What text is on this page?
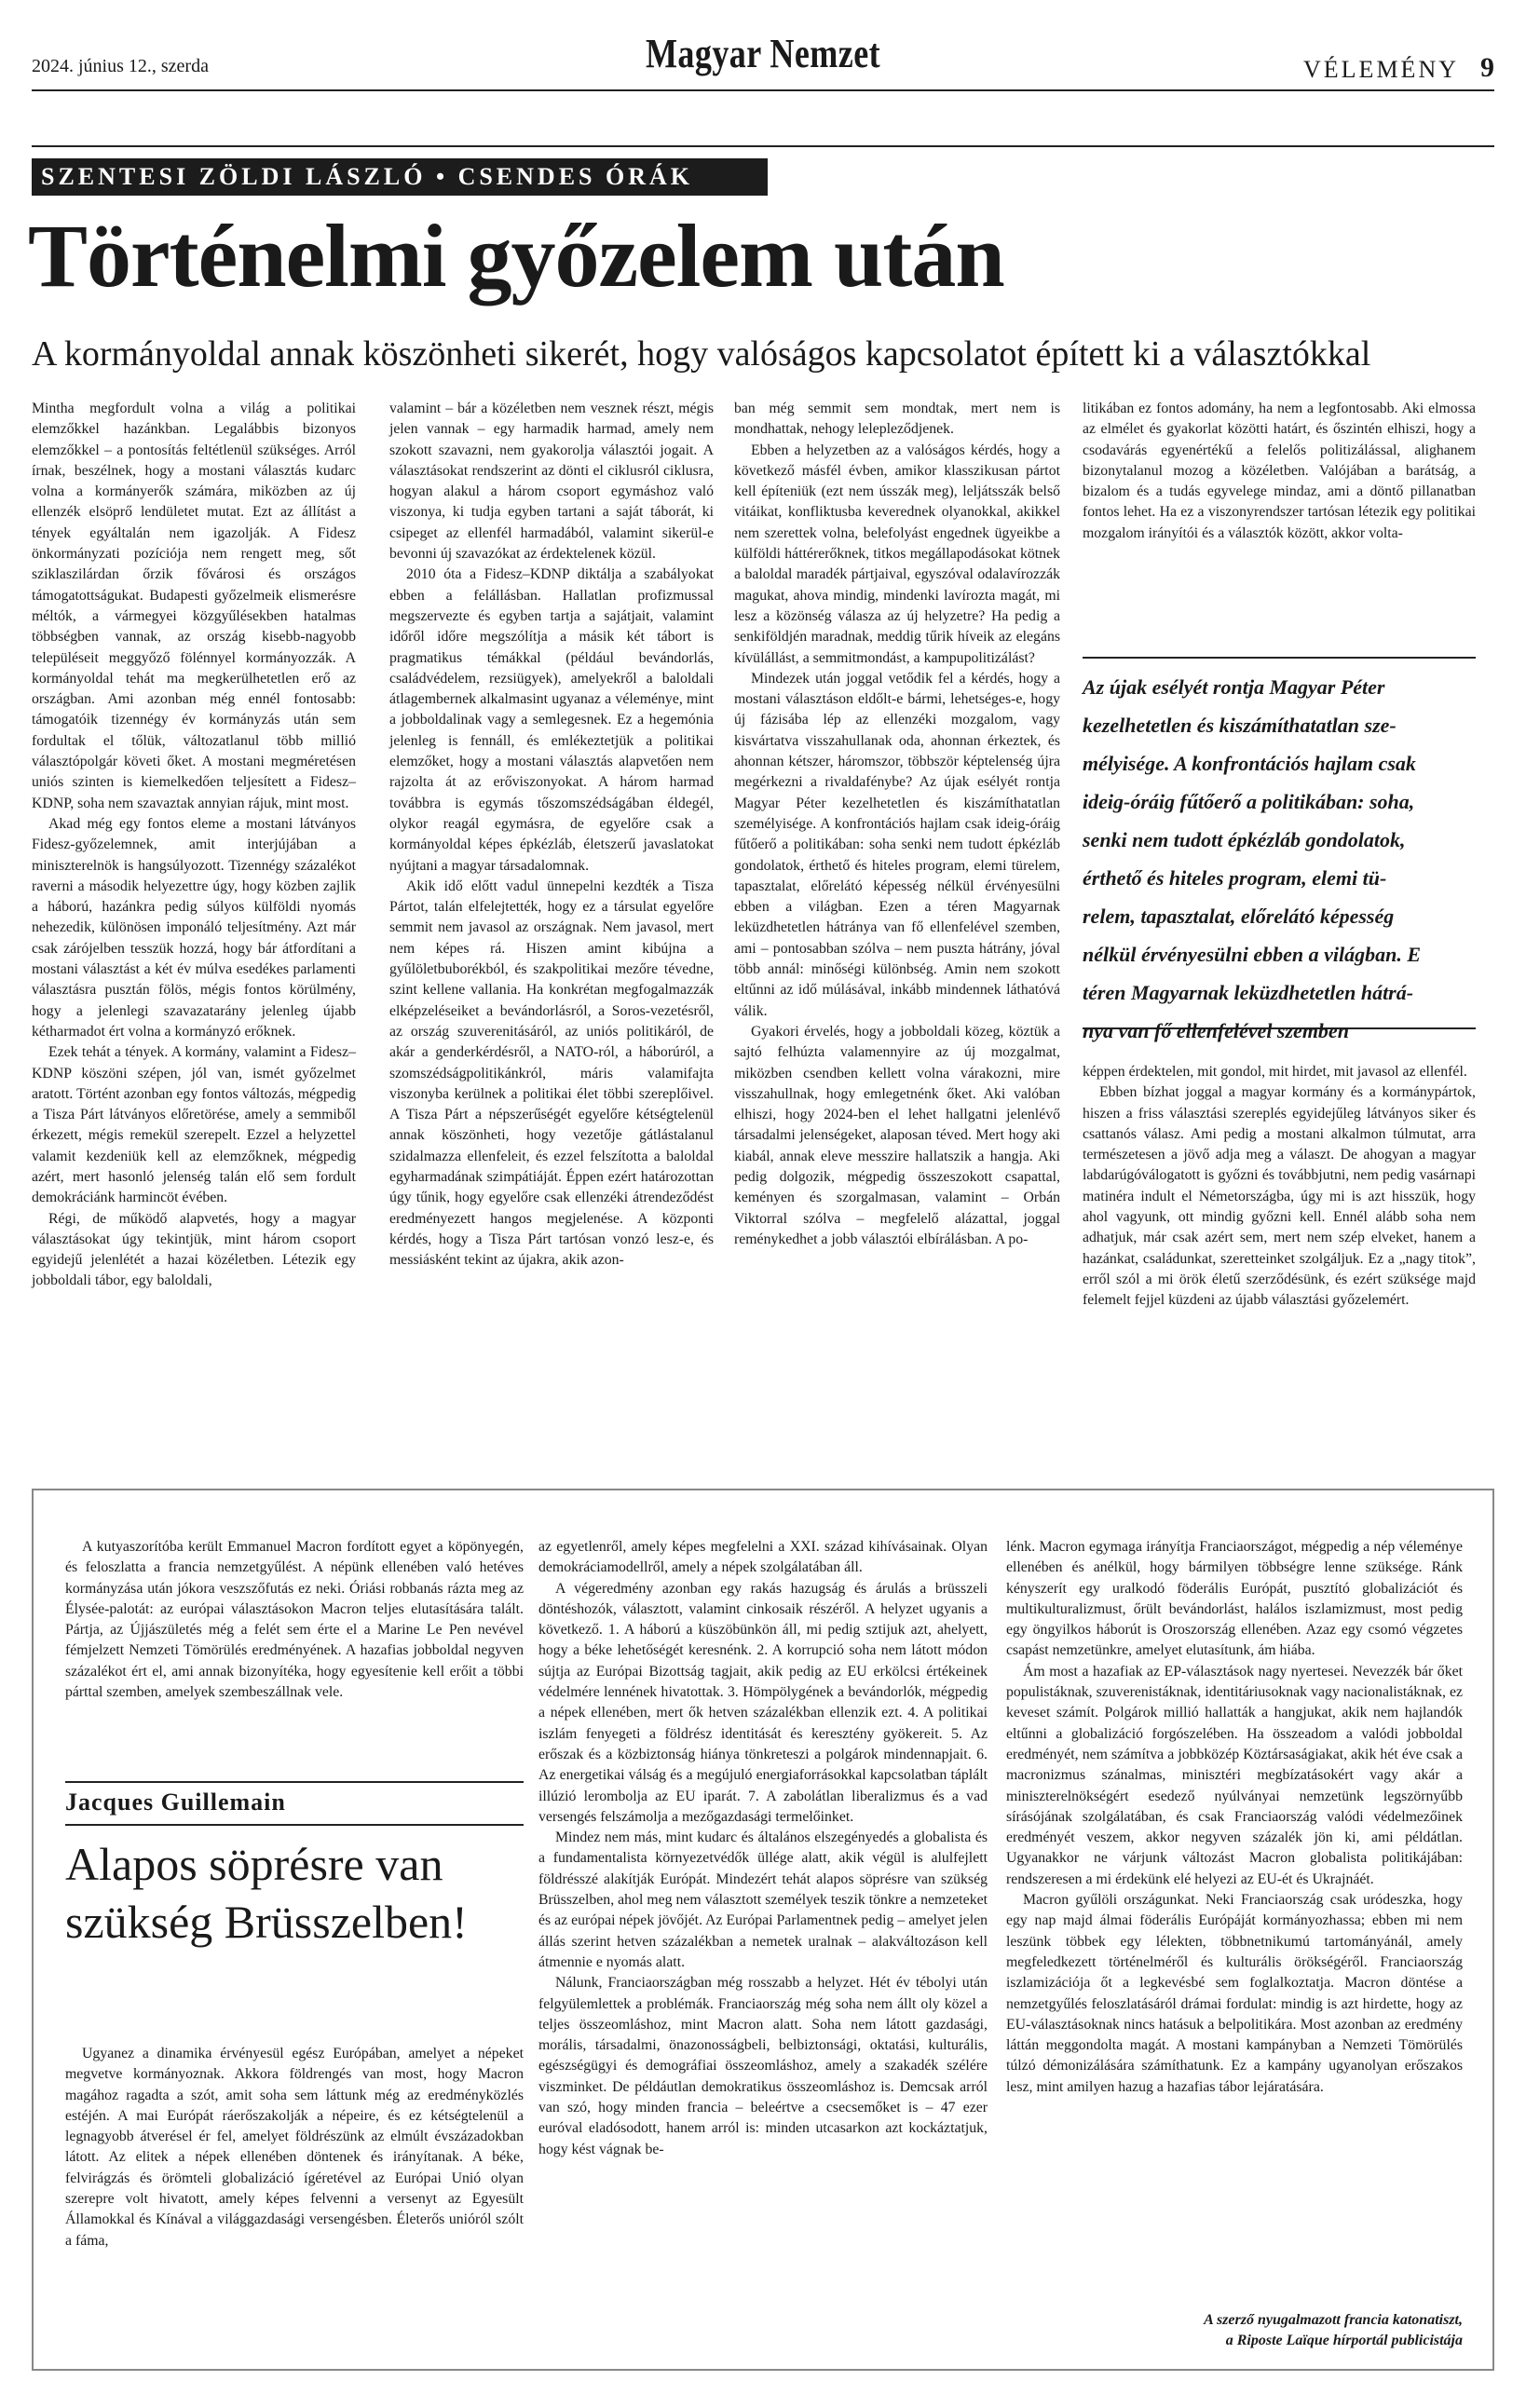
2024. június 12., szerda	Magyar Nemzet	VÉLEMÉNY 9
SZENTESI ZÖLDI LÁSZLÓ • CSENDES ÓRÁK
Történelmi győzelem után
A kormányoldal annak köszönheti sikerét, hogy valóságos kapcsolatot épített ki a választókkal

Mintha megfordult volna a világ a politikai elemzőkkel hazánkban. Legalábbis bizonyos elemzőkkel – a pontosítás feltétlenül szükséges. Arról írnak, beszélnek, hogy a mostani választás kudarc volna a kormányerők számára, miközben az új ellenzék elsöprő lendületet mutat. Ezt az állítást a tények egyáltalán nem igazolják. A Fidesz önkormányzati pozíciója nem rengett meg, sőt sziklaszilárdan őrzik fővárosi és országos támogatottságukat. Budapesti győzelmeik elismerésre méltók, a vármegyei közgyűlésekben hatalmas többségben vannak, az ország kisebb-nagyobb településeit meggyőző fölénnyel kormányozzák. A kormányoldal tehát ma megkerülhetetlen erő az országban. Ami azonban még ennél fontosabb: támogatóik tizennégy év kormányzás után sem fordultak el tőlük, változatlanul több millió választópolgár követi őket. A mostani megméretésen uniós szinten is kiemelkedően teljesített a Fidesz–KDNP, soha nem szavaztak annyian rájuk, mint most.

Akad még egy fontos eleme a mostani látványos Fidesz-győzelemnek, amit interjújában a miniszterelnök is hangsúlyozott. Tizennégy százalékot raverni a második helyezettre úgy, hogy közben zajlik a háború, hazánkra pedig súlyos külföldi nyomás nehezedik, különösen imponáló teljesítmény. Azt már csak zárójelben tesszük hozzá, hogy bár átfordítani a mostani választást a két év múlva esedékes parlamenti választásra pusztán fölös, mégis fontos körülmény, hogy a jelenlegi szavazatarány jelenleg újabb kétharmadot ért volna a kormányzó erőknek.

Ezek tehát a tények. A kormány, valamint a Fidesz–KDNP köszöni szépen, jól van, ismét győzelmet aratott. Történt azonban egy fontos változás, mégpedig a Tisza Párt látványos előretörése, amely a semmiből érkezett, mégis remekül szerepelt. Ezzel a helyzettel valamit kezdeniük kell az elemzőknek, mégpedig azért, mert hasonló jelenség talán elő sem fordult demokráciánk harmincöt évében.

Régi, de működő alapvetés, hogy a magyar választásokat úgy tekintjük, mint három csoport egyidejű jelenlétét a hazai közéletben. Létezik egy jobboldali tábor, egy baloldali,

valamint – bár a közéletben nem vesznek részt, mégis jelen vannak – egy harmadik harmad, amely nem szokott szavazni, nem gyakorolja választói jogait. A választásokat rendszerint az dönti el ciklusról ciklusra, hogyan alakul a három csoport egymáshoz való viszonya, ki tudja egyben tartani a saját táborát, ki csipeget az ellenfél harmadából, valamint sikerül-e bevonni új szavazókat az érdektelenek közül.

2010 óta a Fidesz–KDNP diktálja a szabályokat ebben a felállásban. Hallatlan profizmussal megszervezte és egyben tartja a sajátjait, valamint időről időre megszólítja a másik két tábort is pragmatikus témákkal (például bevándorlás, családvédelem, rezsiügyek), amelyekről a baloldali átlagembernek alkalmasint ugyanaz a véleménye, mint a jobboldalinak vagy a semlegesnek. Ez a hegemónia jelenleg is fennáll, és emlékeztetjük a politikai elemzőket, hogy a mostani választás alapvetően nem rajzolta át az erőviszonyokat. A három harmad továbbra is egymás tőszomszédságában éldegél, olykor reagál egymásra, de egyelőre csak a kormányoldal képes épkézláb, életszerű javaslatokat nyújtani a magyar társadalomnak.

Akik idő előtt vadul ünnepelni kezdték a Tisza Pártot, talán elfelejtették, hogy ez a társulat egyelőre semmit nem javasol az országnak. Nem javasol, mert nem képes rá. Hiszen amint kibújna a gyűlöletbuborékból, és szakpolitikai mezőre tévedne, szint kellene vallania. Ha konkrétan megfogalmazzák elképzeléseiket a bevándorlásról, a Soros-vezetésről, az ország szuverenitásáról, az uniós politikáról, de akár a genderkérdésről, a NATO-ról, a háborúról, a szomszédságpolitikánkról, máris valamifajta viszonyba kerülnek a politikai élet többi szereplőivel. A Tisza Párt a népszerűségét egyelőre kétségtelenül annak köszönheti, hogy vezetője gátlástalanul szidalmazza ellenfeleit, és ezzel felszította a baloldal egyharmadának szimpátiáját. Éppen ezért határozottan úgy tűnik, hogy egyelőre csak ellenzéki átrendeződést eredményezett hangos megjelenése. A központi kérdés, hogy a Tisza Párt tartósan vonzó lesz-e, és messiásként tekint az újakra, akik azon-

ban még semmit sem mondtak, mert nem is mondhattak, nehogy lelepleződjenek.

Ebben a helyzetben az a valóságos kérdés, hogy a következő másfél évben, amikor klasszikusan pártot kell építeniük (ezt nem ússzák meg), leljátsszák belső vitáikat, konfliktusba keverednek olyanokkal, akikkel nem szerettek volna, belefolyást engednek ügyeikbe a külföldi háttérerőknek, titkos megállapodásokat kötnek a baloldal maradék pártjaival, egyszóval odalavírozzák magukat, ahova mindig, mindenki lavírozta magát, mi lesz a közönség válasza az új helyzetre? Ha pedig a senkiföldjén maradnak, meddig tűrik híveik az elegáns kívülállást, a semmitmondást, a kampupolitizálást?

Mindezek után joggal vetődik fel a kérdés, hogy a mostani választáson eldőlt-e bármi, lehetséges-e, hogy új fázisába lép az ellenzéki mozgalom, vagy kisvártatva visszahullanak oda, ahonnan érkeztek, és ahonnan kétszer, háromszor, többször képtelenség újra megérkezni a rivaldafénybe? Az újak esélyét rontja Magyar Péter kezelhetetlen és kiszámíthatatlan személyisége. A konfrontációs hajlam csak ideig-óráig fűtőerő a politikában: soha senki nem tudott épkézláb gondolatok, érthető és hiteles program, elemi türelem, tapasztalat, előrelátó képesség nélkül érvényesülni ebben a világban. Ezen a téren Magyarnak leküzdhetetlen hátránya van fő ellenfelével szemben, ami – pontosabban szólva – nem puszta hátrány, jóval több annál: minőségi különbség. Amin nem szokott eltűnni az idő múlásával, inkább mindennek láthatóvá válik.

Gyakori érvelés, hogy a jobboldali közeg, köztük a sajtó felhúzta valamennyire az új mozgalmat, miközben csendben kellett volna várakozni, mire visszahullnak, hogy emlegetnénk őket. Aki valóban elhiszi, hogy 2024-ben el lehet hallgatni jelenlévő társadalmi jelenségeket, alaposan téved. Mert hogy aki kiabál, annak eleve messzire hallatszik a hangja. Aki pedig dolgozik, mégpedig összeszokott csapattal, keményen és szorgalmasan, valamint – Orbán Viktorral szólva – megfelelő alázattal, joggal reménykedhet a jobb választói elbírálásban. A po-

litikában ez fontos adomány, ha nem a legfontosabb. Aki elmossa az elmélet és gyakorlat közötti határt, és őszintén elhiszi, hogy a csodavárás egyenértékű a felelős politizálással, alighanem bizonytalanul mozog a közéletben. Valójában a barátság, a bizalom és a tudás egyvelege mindaz, ami a döntő pillanatban fontos lehet. Ha ez a viszonyrendszer tartósan létezik egy politikai mozgalom irányítói és a választók között, akkor volta-

Az újak esélyét rontja Magyar Péter
kezelhetetlen és kiszámíthatatlan sze-
mélyisége. A konfrontációs hajlam csak
ideig-óráig fűtőerő a politikában: soha,
senki nem tudott épkézláb gondolatok,
érthető és hiteles program, elemi tü-
relem, tapasztalat, előrelátó képesség
nélkül érvényesülni ebben a világban. E
téren Magyarnak leküzdhetetlen hátrá-
nya van fő ellenfelével szemben

képpen érdektelen, mit gondol, mit hirdet, mit javasol az ellenfél.

Ebben bízhat joggal a magyar kormány és a kormánypártok, hiszen a friss választási szereplés egyidejűleg látványos siker és csattanós válasz. Ami pedig a mostani alkalmon túlmutat, arra természetesen a jövő adja meg a választ. De ahogyan a magyar labdarúgóválogatott is győzni és továbbjutni, nem pedig vasárnapi matinéra indult el Németországba, úgy mi is azt hisszük, hogy ahol vagyunk, ott mindig győzni kell. Ennél alább soha nem adhatjuk, már csak azért sem, mert nem szép elveket, hanem a hazánkat, családunkat, szeretteinket szolgáljuk. Ez a „nagy titok”, erről szól a mi örök életű szerződésünk, és ezért szüksége majd felemelt fejjel küzdeni az újabb választási győzelemért.

A kutyaszorítóba került Emmanuel Macron fordított egyet a köpönyegén, és feloszlatta a francia nemzetgyűlést. A népünk ellenében való hetéves kormányzása után jókora veszszőfutás ez neki. Óriási robbanás rázta meg az Élysée-palotát: az európai választásokon Macron teljes elutasítására talált. Pártja, az Újjászületés még a felét sem érte el a Marine Le Pen nevével fémjelzett Nemzeti Tömörülés eredményének. A hazafias jobboldal negyven százalékot ért el, ami annak bizonyítéka, hogy egyesítenie kell erőit a többi párttal szemben, amelyek szembeszállnak vele.

Jacques Guillemain
Alapos söprésre van szükség Brüsszelben!

Ugyanez a dinamika érvényesül egész Európában, amelyet a népeket megvetve kormányoznak. Akkora földrengés van most, hogy Macron magához ragadta a szót, amit soha sem láttunk még az eredményközlés estéjén. A mai Európát ráerőszakolják a népeire, és ez kétségtelenül a legnagyobb átverésel ér fel, amelyet földrészünk az elmúlt évszázadokban látott. Az elitek a népek ellenében döntenek és irányítanak. A béke, felvirágzás és örömteli globalizáció ígéretével az Európai Unió olyan szerepre volt hivatott, amely képes felvenni a versenyt az Egyesült Államokkal és Kínával a világgazdasági versengésben. Életerős unióról szólt a fáma,

az egyetlenről, amely képes megfelelni a XXI. század kihívásainak. Olyan demokráciamodellről, amely a népek szolgálatában áll.

A végeredmény azonban egy rakás hazugság és árulás a brüsszeli döntéshozók, választott, valamint cinkosaik részéről. A helyzet ugyanis a következő. 1. A háború a küszöbünkön áll, mi pedig sztijuk azt, ahelyett, hogy a béke lehetőségét keresnénk. 2. A korrupció soha nem látott módon sújtja az Európai Bizottság tagjait, akik pedig az EU erkölcsi értékeinek védelmére lennének hivatottak. 3. Hömpölygének a bevándorlók, mégpedig a népek ellenében, mert ők hetven százalékban ellenzik ezt. 4. A politikai iszlám fenyegeti a földrész identitását és keresztény gyökereit. 5. Az erőszak és a közbiztonság hiánya tönkreteszi a polgárok mindennapjait. 6. Az energetikai válság és a megújuló energiaforrásokkal kapcsolatban táplált illúzió lerombolja az EU iparát. 7. A zabolátlan liberalizmus és a vad versengés felszámolja a mezőgazdasági termelőinket.

Mindez nem más, mint kudarc és általános elszegényedés a globalista és a fundamentalista környezetvédők üllége alatt, akik végül is alulfejlett földrésszé alakítják Európát. Mindezért tehát alapos söprésre van szükség Brüsszelben, ahol meg nem választott személyek teszik tönkre a nemzeteket és az európai népek jövőjét. Az Európai Parlamentnek pedig – amelyet jelen állás szerint hetven százalékban a nemetek uralnak – alakváltozáson kell átmennie e nyomás alatt.

Nálunk, Franciaországban még rosszabb a helyzet. Hét év tébolyi után felgyülemlettek a problémák. Franciaország még soha nem állt oly közel a teljes összeomláshoz, mint Macron alatt. Soha nem látott gazdasági, morális, társadalmi, önazonosságbeli, belbiztonsági, oktatási, kulturális, egészségügyi és demográfiai összeomláshoz, amely a szakadék szélére viszminket. De példáutlan demokratikus összeomláshoz is. Demcsak arról van szó, hogy minden francia – beleértve a csecsemőket is – 47 ezer euróval eladósodott, hanem arról is: minden utcasarkon azt kockáztatjuk, hogy kést vágnak be-

lénk. Macron egymaga irányítja Franciaországot, mégpedig a nép véleménye ellenében és anélkül, hogy bármilyen többségre lenne szüksége. Ránk kényszerít egy uralkodó föderális Európát, pusztító globalizációt és multikulturalizmust, őrült bevándorlást, halálos iszlamizmust, most pedig egy öngyilkos háborút is Oroszország ellenében. Azaz egy csomó végzetes csapást nemzetünkre, amelyet elutasítunk, ám hiába.

Ám most a hazafiak az EP-választások nagy nyertesei. Nevezzék bár őket populistáknak, szuverenistáknak, identitáriusoknak vagy nacionalistáknak, ez keveset számít. Polgárok millió hallatták a hangjukat, akik nem hajlandók eltűnni a globalizáció forgószelében. Ha összeadom a valódi jobboldal eredményét, nem számítva a jobbközép Köztársaságiakat, akik hét éve csak a macronizmus szánalmas, minisztéri megbízatásokért vagy akár a miniszterelnökségért esedező nyúlványai nemzetünk legszörnyűbb sírásójának szolgálatában, és csak Franciaország valódi védelmezőinek eredményét veszem, akkor negyven százalék jön ki, ami példátlan. Ugyanakkor ne várjunk változást Macron globalista politikájában: rendszeresen a mi érdekünk elé helyezi az EU-ét és Ukrajnáét.

Macron gyűlöli országunkat. Neki Franciaország csak uródeszka, hogy egy nap majd álmai föderális Európáját kormányozhassa; ebben mi nem leszünk többek egy lélekten, többnetnikumú tartományánál, amely megfeledkezett történelméről és kulturális örökségéről. Franciaország iszlamizációja őt a legkevésbé sem foglalkoztatja. Macron döntése a nemzetgyűlés feloszlatásáról drámai fordulat: mindig is azt hirdette, hogy az EU-választásoknak nincs hatásuk a belpolitikára. Most azonban az eredmény láttán meggondolta magát. A mostani kampányban a Nemzeti Tömörülés túlzó démonizálására számíthatunk. Ez a kampány ugyanolyan erőszakos lesz, mint amilyen hazug a hazafias tábor lejáratására.

A szerző nyugalmazott francia katonatiszt,
a Riposte Laïque hírportál publicistája
